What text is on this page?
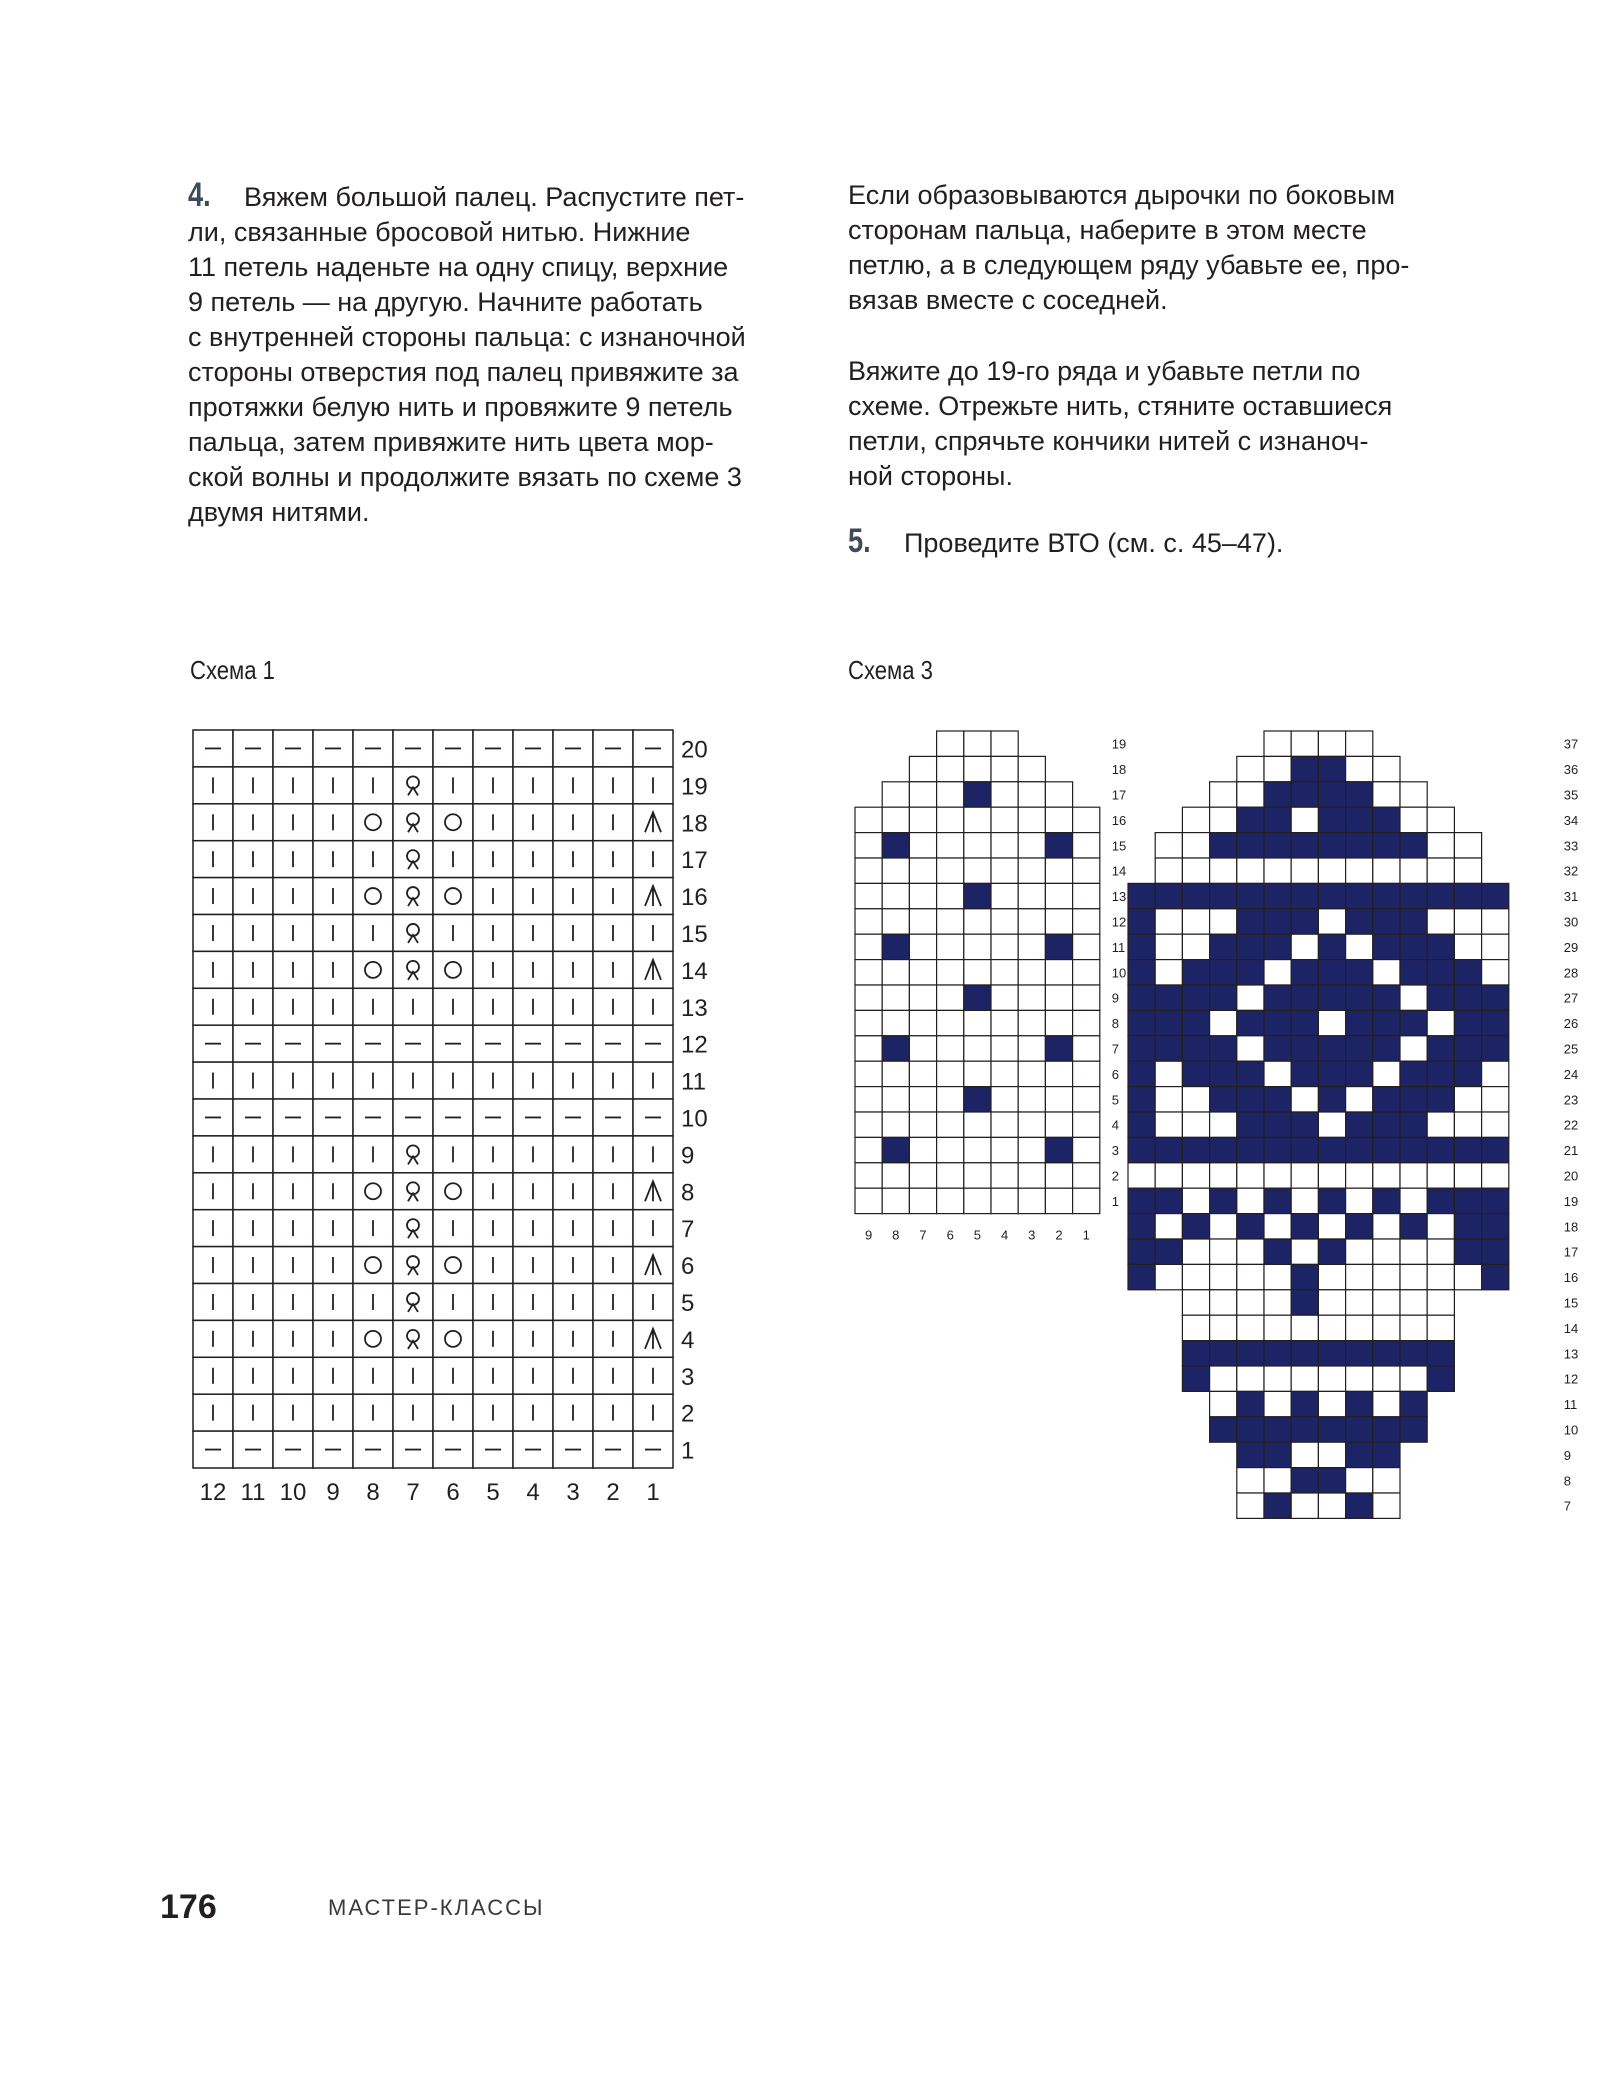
4. Вяжем большой палец. Распустите пет-

ли, связанные бросовой нитью. Нижние

11 петель наденьте на одну спицу, верхние

9 петель — на другую. Начните работать

с внутренней стороны пальца: с изнаночной

стороны отверстия под палец привяжите за

протяжки белую нить и провяжите 9 петель

пальца, затем привяжите нить цвета мор-

ской волны и продолжите вязать по схеме 3

двумя нитями.

Если образовываются дырочки по боковым

сторонам пальца, наберите в этом месте

петлю, а в следующем ряду убавьте ее, про-

вязав вместе с соседней.

Вяжите до 19-го ряда и убавьте петли по

схеме. Отрежьте нить, стяните оставшиеся

петли, спрячьте кончики нитей с изнаноч-

ной стороны.

5. Проведите ВТО (см. с. 45–47).

Схема 1	Схема 3
20
19
18
17
16
15
14
13
12
11
10
9
8
7
6
5
4
3
2
1
12 11 10 9 8 7 6 5 4 3 2 1
19
18
17
16
15
14
13
12
11
10
9
8
7
6
5
4
3
2
1
9 8 7 6 5 4 3 2 1
37
36
35
34
33
32
31
30
29
28
27
26
25
24
23
22
21
20
19
18
17
16
15
14
13
12
11
10
9
8
7
176	МАСТЕР-КЛАССЫ
